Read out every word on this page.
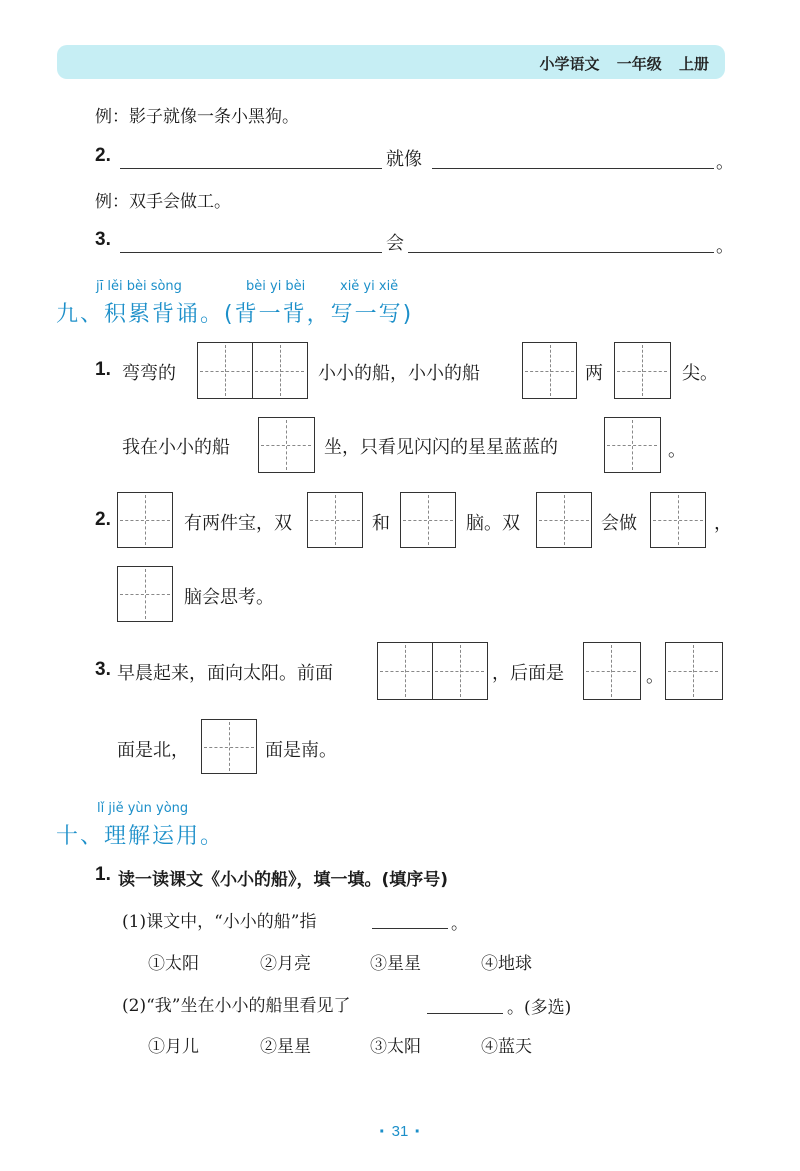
小学语文 一年级 上册
例：影子就像一条小黑狗。
2.	就像	。
例：双手会做工。
3.	会	。
jī lěi bèi sòng	bèi yi bèi	xiě yi xiě
九、积累背诵。(背一背，写一写)
1. 弯弯的	小小的船，小小的船	两	尖。
我在小小的船	坐，只看见闪闪的星星蓝蓝的	。
2.	有两件宝，双	和	脑。双	会做	，
脑会思考。
3. 早晨起来，面向太阳。前面	，后面是	。
面是北，	面是南。
lǐ jiě yùn yòng
十、理解运用。
1. 读一读课文《小小的船》，填一填。(填序号)
(1)课文中，“小小的船”指	。
①太阳	②月亮	③星星	④地球
(2)“我”坐在小小的船里看见了	。(多选)
①月儿	②星星	③太阳	④蓝天
· 31 ·
